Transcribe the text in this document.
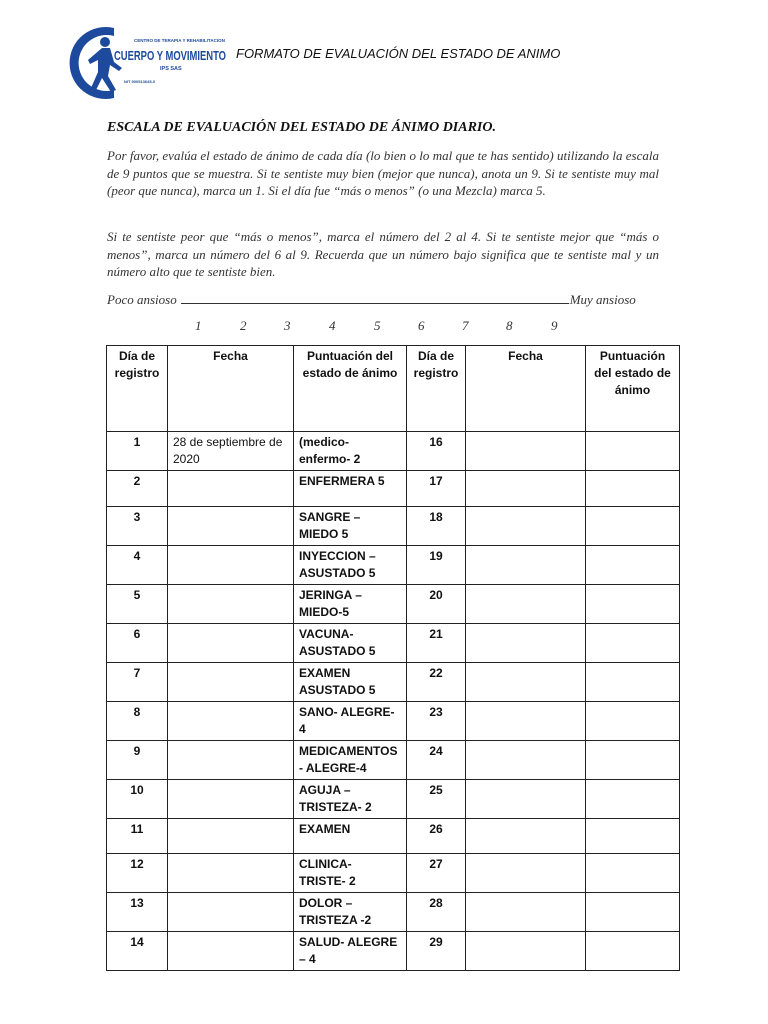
CENTRO DE TERAPIA Y REHABILITACION
CUERPO Y MOVIMIENTO
IPS SAS
NIT 900513645-0
FORMATO DE EVALUACIÓN DEL ESTADO DE ANIMO
ESCALA DE EVALUACIÓN DEL ESTADO DE ÁNIMO DIARIO.
Por favor, evalúa el estado de ánimo de cada día (lo bien o lo mal que te has sentido) utilizando la escala de 9 puntos que se muestra. Si te sentiste muy bien (mejor que nunca), anota un 9. Si te sentiste muy mal (peor que nunca), marca un 1. Si el día fue “más o menos” (o una Mezcla) marca 5.
Si te sentiste peor que “más o menos”, marca el número del 2 al 4. Si te sentiste mejor que “más o menos”, marca un número del 6 al 9. Recuerda que un número bajo significa que te sentiste mal y un número alto que te sentiste bien.
Poco ansioso	Muy ansioso
1	2	3	4	5	6	7	8	9
Día de registro	Fecha	Puntuación del estado de ánimo	Día de registro	Fecha	Puntuación del estado de ánimo
1	28 de septiembre de 2020	(medico- enfermo- 2	16		
2		ENFERMERA 5	17		
3		SANGRE – MIEDO 5	18		
4		INYECCION – ASUSTADO 5	19		
5		JERINGA – MIEDO-5	20		
6		VACUNA- ASUSTADO 5	21		
7		EXAMEN ASUSTADO 5	22		
8		SANO- ALEGRE-4	23		
9		MEDICAMENTOS - ALEGRE-4	24		
10		AGUJA – TRISTEZA- 2	25		
11		EXAMEN	26		
12		CLINICA- TRISTE- 2	27		
13		DOLOR – TRISTEZA -2	28		
14		SALUD- ALEGRE – 4	29		
